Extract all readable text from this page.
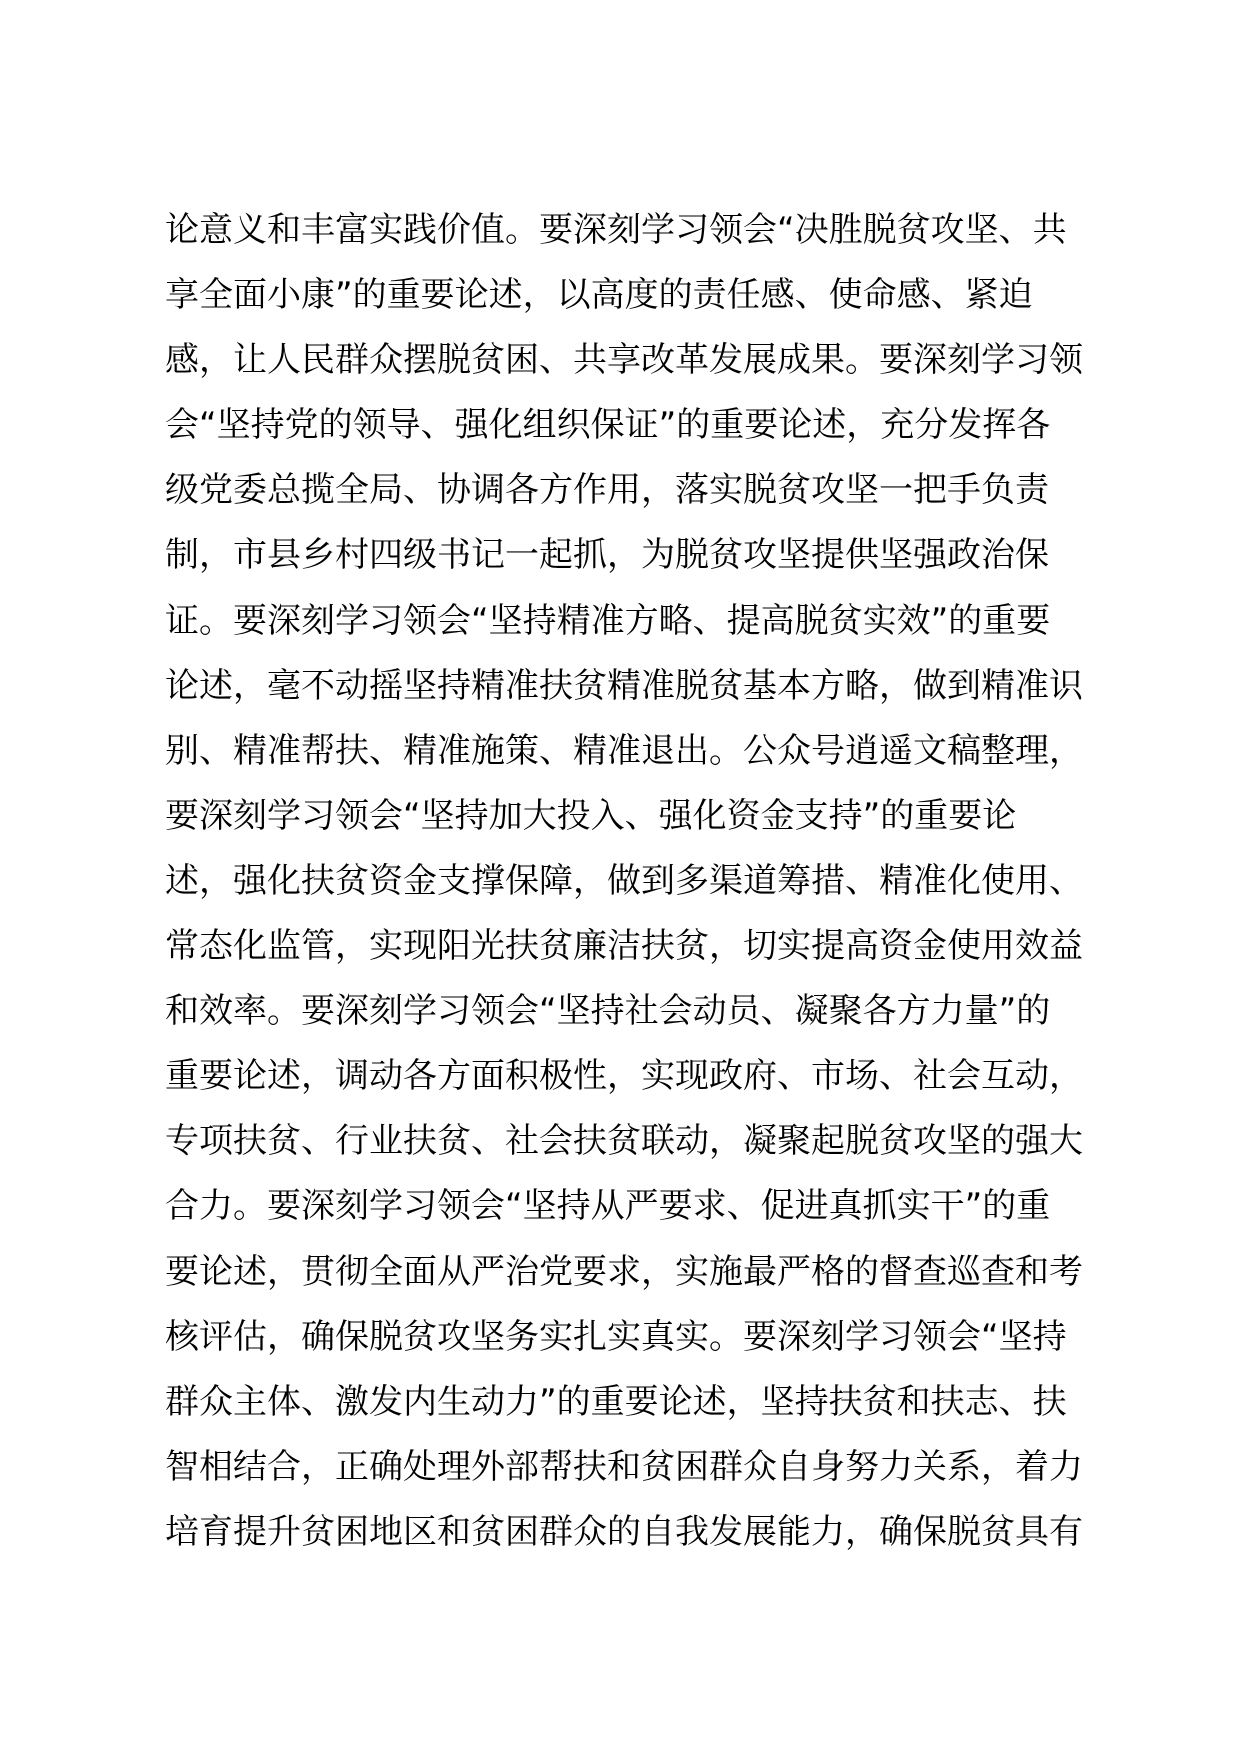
论意义和丰富实践价值。要深刻学习领会“决胜脱贫攻坚、共
享全面小康”的重要论述，以高度的责任感、使命感、紧迫
感，让人民群众摆脱贫困、共享改革发展成果。要深刻学习领
会“坚持党的领导、强化组织保证”的重要论述，充分发挥各
级党委总揽全局、协调各方作用，落实脱贫攻坚一把手负责
制，市县乡村四级书记一起抓，为脱贫攻坚提供坚强政治保
证。要深刻学习领会“坚持精准方略、提高脱贫实效”的重要
论述，毫不动摇坚持精准扶贫精准脱贫基本方略，做到精准识
别、精准帮扶、精准施策、精准退出。公众号逍遥文稿整理，
要深刻学习领会“坚持加大投入、强化资金支持”的重要论
述，强化扶贫资金支撑保障，做到多渠道筹措、精准化使用、
常态化监管，实现阳光扶贫廉洁扶贫，切实提高资金使用效益
和效率。要深刻学习领会“坚持社会动员、凝聚各方力量”的
重要论述，调动各方面积极性，实现政府、市场、社会互动，
专项扶贫、行业扶贫、社会扶贫联动，凝聚起脱贫攻坚的强大
合力。要深刻学习领会“坚持从严要求、促进真抓实干”的重
要论述，贯彻全面从严治党要求，实施最严格的督查巡查和考
核评估，确保脱贫攻坚务实扎实真实。要深刻学习领会“坚持
群众主体、激发内生动力”的重要论述，坚持扶贫和扶志、扶
智相结合，正确处理外部帮扶和贫困群众自身努力关系，着力
培育提升贫困地区和贫困群众的自我发展能力，确保脱贫具有
